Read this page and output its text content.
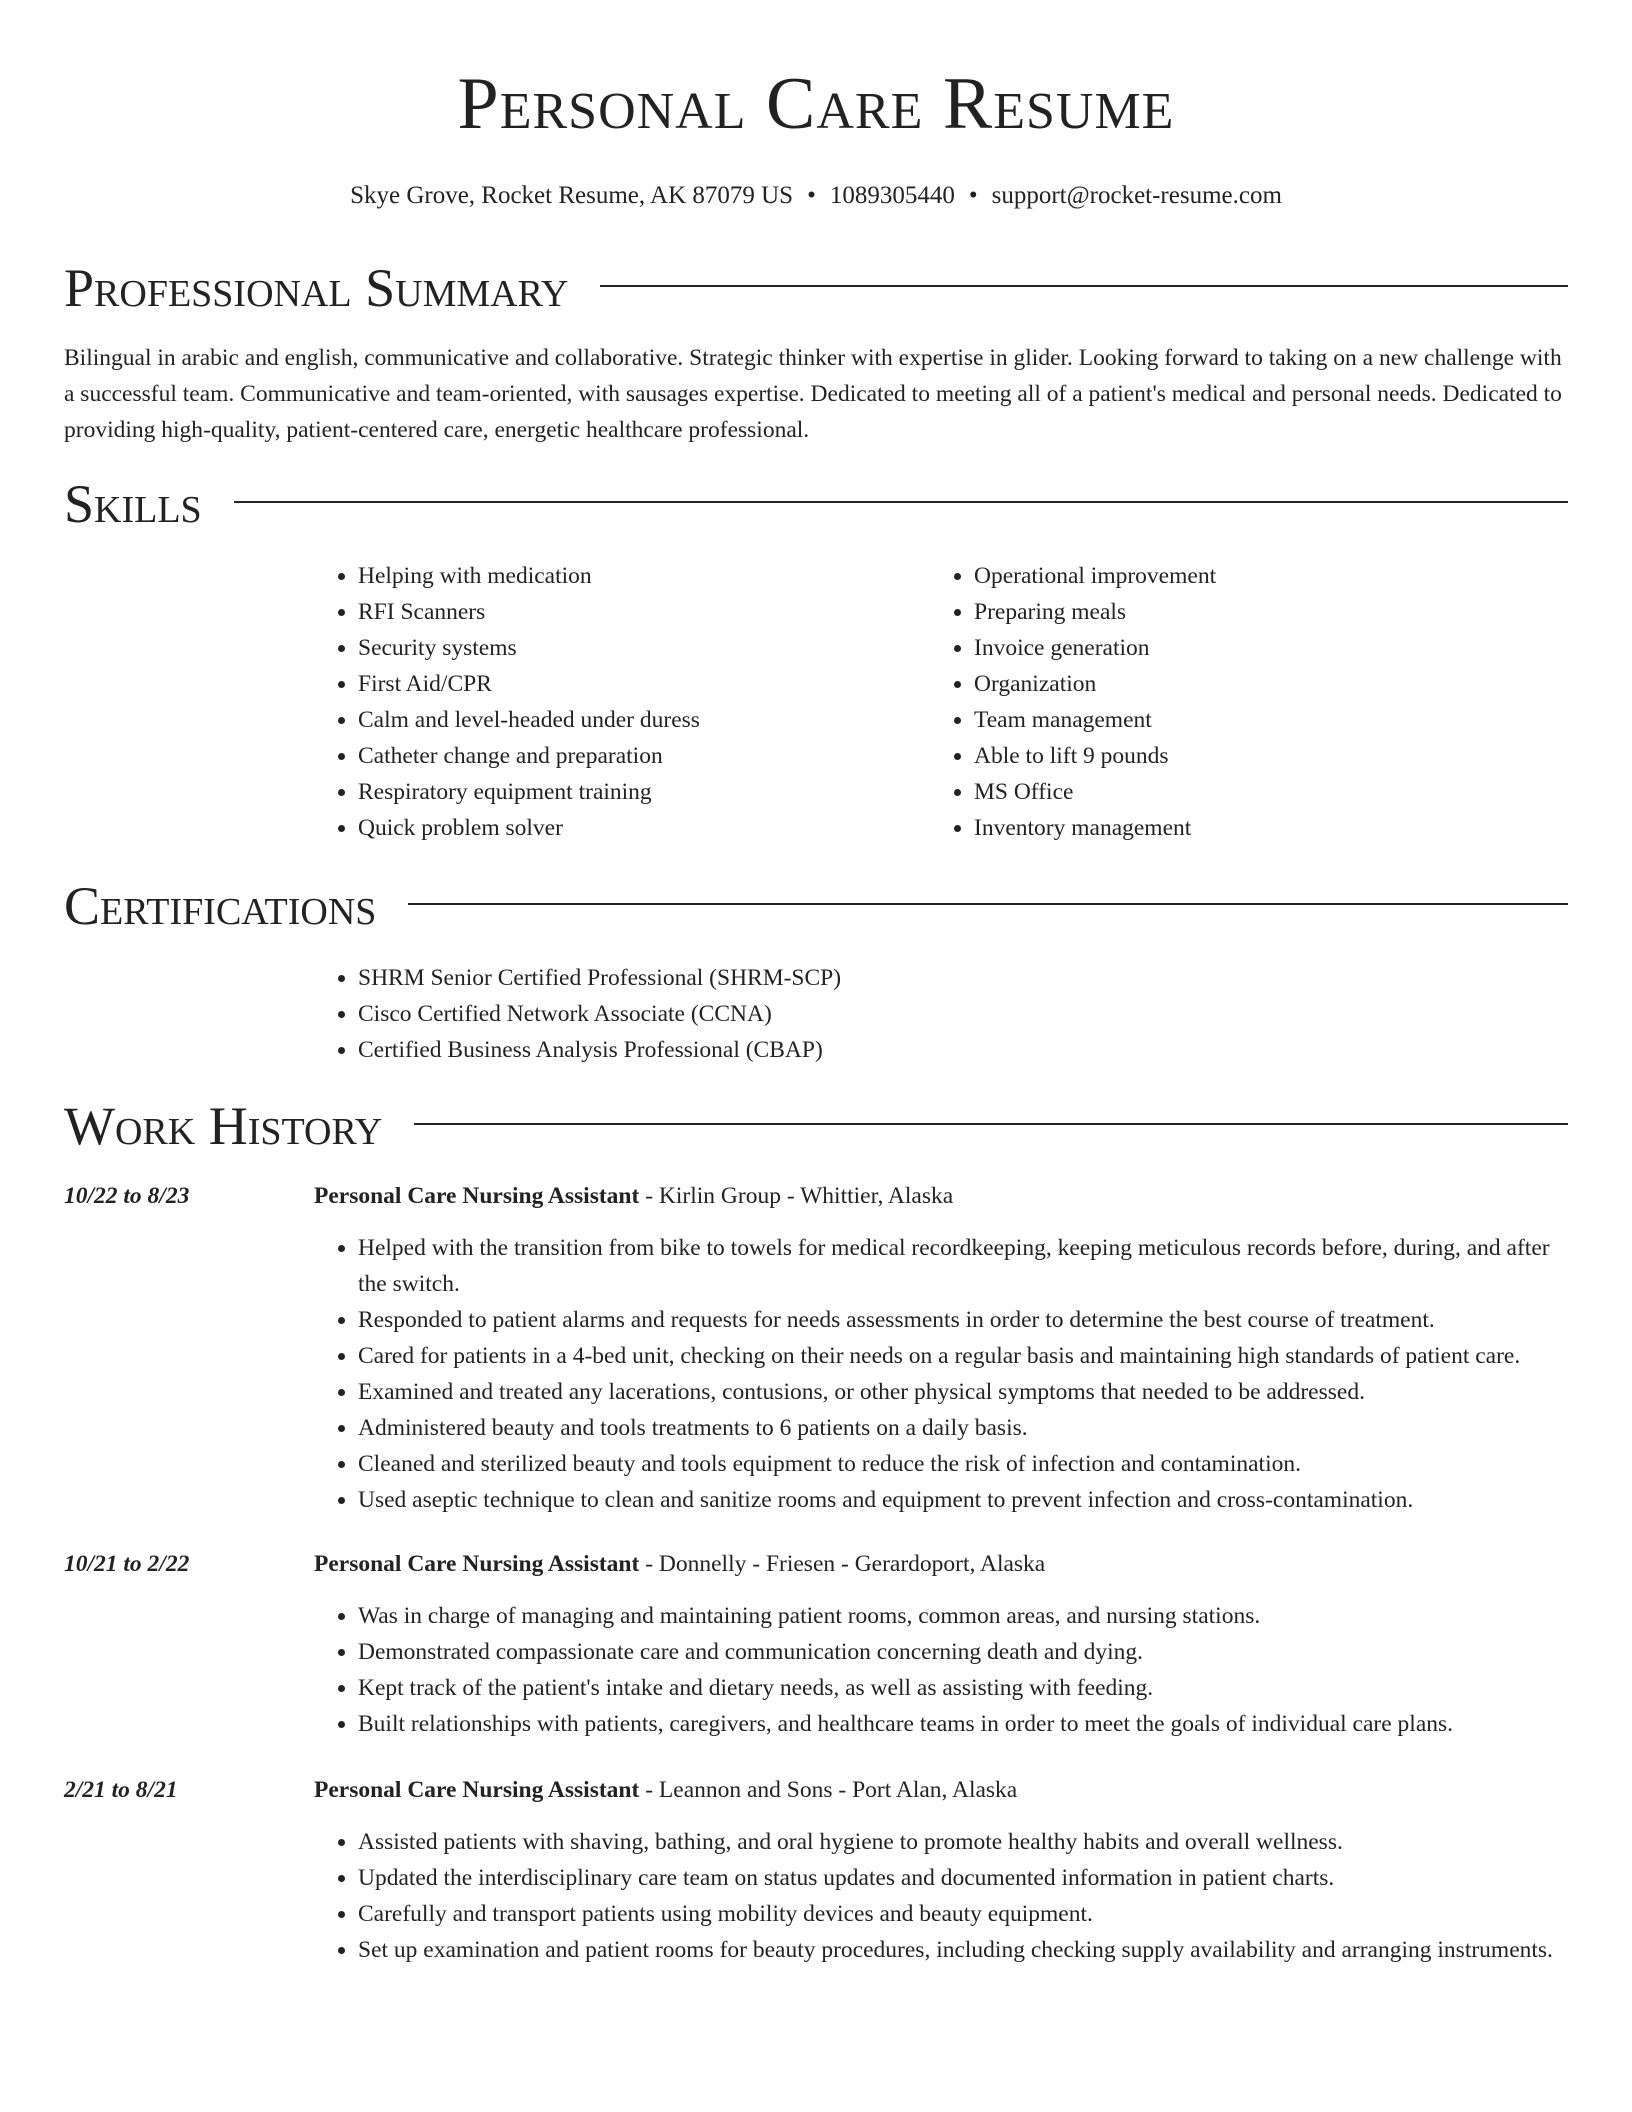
Personal Care Resume
Skye Grove, Rocket Resume, AK 87079 US • 1089305440 • support@rocket-resume.com
Professional Summary

Bilingual in arabic and english, communicative and collaborative. Strategic thinker with expertise in glider. Looking forward to taking on a new challenge with a successful team. Communicative and team-oriented, with sausages expertise. Dedicated to meeting all of a patient's medical and personal needs. Dedicated to providing high-quality, patient-centered care, energetic healthcare professional.

Skills
• Helping with medication
• RFI Scanners
• Security systems
• First Aid/CPR
• Calm and level-headed under duress
• Catheter change and preparation
• Respiratory equipment training
• Quick problem solver
• Operational improvement
• Preparing meals
• Invoice generation
• Organization
• Team management
• Able to lift 9 pounds
• MS Office
• Inventory management
Certifications
• SHRM Senior Certified Professional (SHRM-SCP)
• Cisco Certified Network Associate (CCNA)
• Certified Business Analysis Professional (CBAP)
Work History
10/22 to 8/23	Personal Care Nursing Assistant - Kirlin Group - Whittier, Alaska
• Helped with the transition from bike to towels for medical recordkeeping, keeping meticulous records before, during, and after the switch.
• Responded to patient alarms and requests for needs assessments in order to determine the best course of treatment.
• Cared for patients in a 4-bed unit, checking on their needs on a regular basis and maintaining high standards of patient care.
• Examined and treated any lacerations, contusions, or other physical symptoms that needed to be addressed.
• Administered beauty and tools treatments to 6 patients on a daily basis.
• Cleaned and sterilized beauty and tools equipment to reduce the risk of infection and contamination.
• Used aseptic technique to clean and sanitize rooms and equipment to prevent infection and cross-contamination.
10/21 to 2/22	Personal Care Nursing Assistant - Donnelly - Friesen - Gerardoport, Alaska
• Was in charge of managing and maintaining patient rooms, common areas, and nursing stations.
• Demonstrated compassionate care and communication concerning death and dying.
• Kept track of the patient's intake and dietary needs, as well as assisting with feeding.
• Built relationships with patients, caregivers, and healthcare teams in order to meet the goals of individual care plans.
2/21 to 8/21	Personal Care Nursing Assistant - Leannon and Sons - Port Alan, Alaska
• Assisted patients with shaving, bathing, and oral hygiene to promote healthy habits and overall wellness.
• Updated the interdisciplinary care team on status updates and documented information in patient charts.
• Carefully and transport patients using mobility devices and beauty equipment.
• Set up examination and patient rooms for beauty procedures, including checking supply availability and arranging instruments.
